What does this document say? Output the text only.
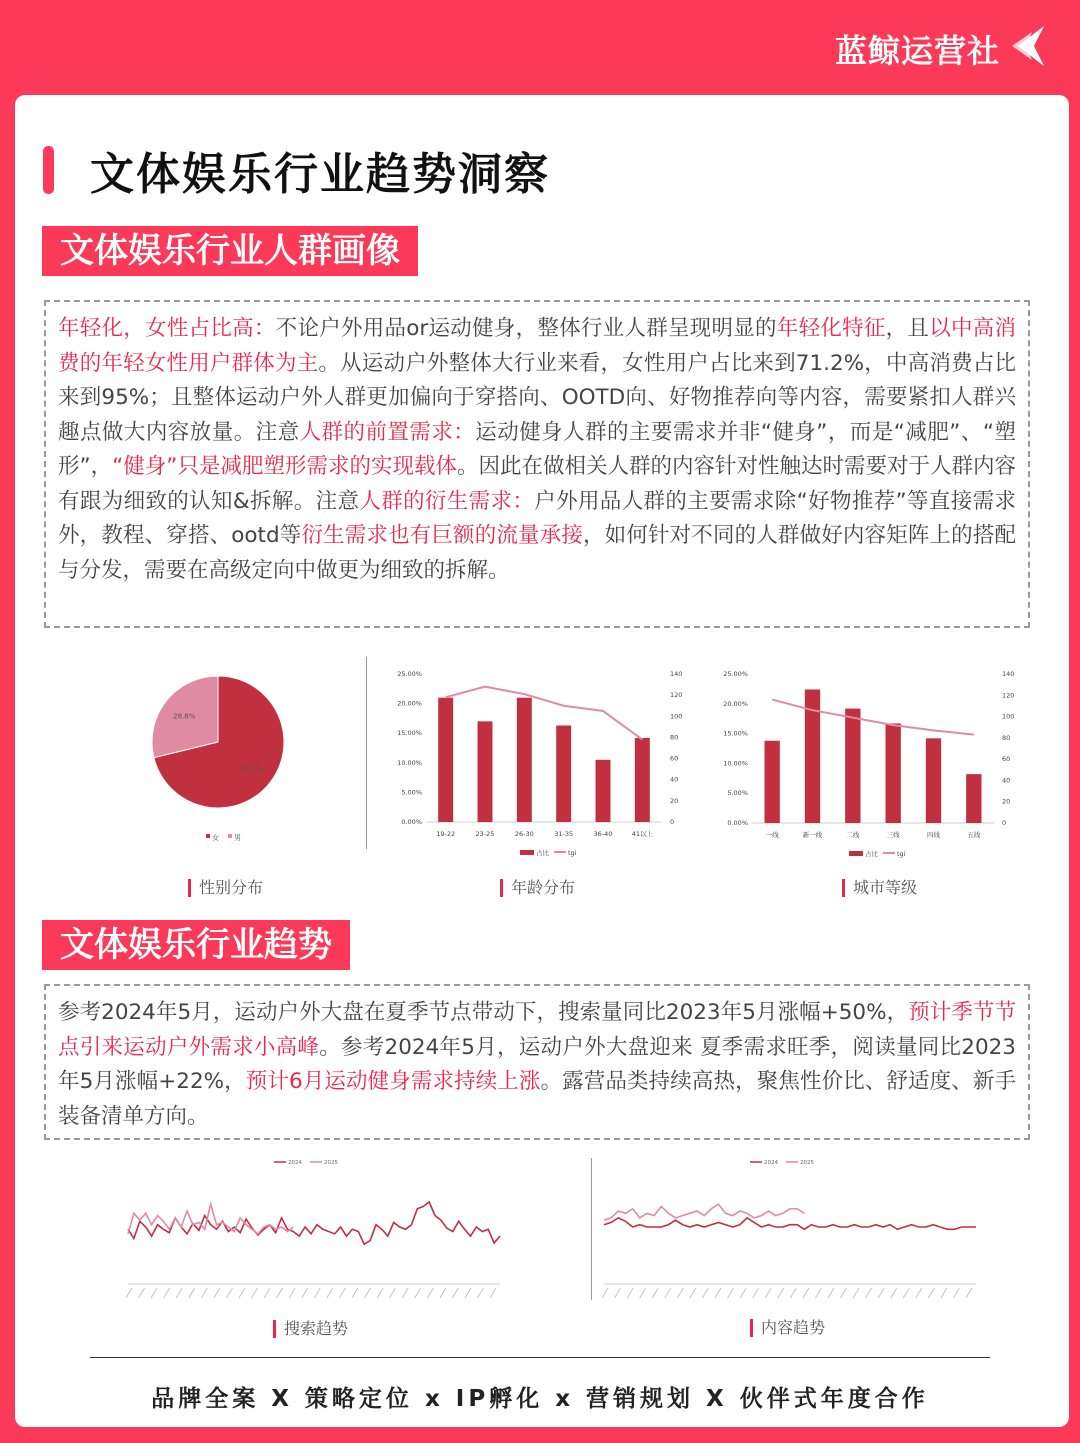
蓝鲸运营社
文体娱乐行业趋势洞察
文体娱乐行业人群画像
年轻化，女性占比高：不论户外用品or运动健身，整体行业人群呈现明显的年轻化特征，且以中高消费的年轻女性用户群体为主。从运动户外整体大行业来看，女性用户占比来到71.2%，中高消费占比来到95%；且整体运动户外人群更加偏向于穿搭向、OOTD向、好物推荐向等内容，需要紧扣人群兴趣点做大内容放量。注意人群的前置需求：运动健身人群的主要需求并非“健身”，而是“减肥”、“塑形”，“健身”只是减肥塑形需求的实现载体。因此在做相关人群的内容针对性触达时需要对于人群内容有跟为细致的认知&拆解。注意人群的衍生需求：户外用品人群的主要需求除“好物推荐”等直接需求外，教程、穿搭、ootd等衍生需求也有巨额的流量承接，如何针对不同的人群做好内容矩阵上的搭配与分发，需要在高级定向中做更为细致的拆解。
71.2%
28.8%
女 男
0.00%
5.00%
10.00%
15.00%
20.00%
25.00%
0
20
40
60
80
100
120
140
19-22	23-25	26-30	31-35	36-40	41以上
占比	tgi
0.00%
5.00%
10.00%
15.00%
20.00%
25.00%
0
20
40
60
80
100
120
140
一线	新一线	二线	三线	四线	五线
占比	tgi
性别分布	年龄分布	城市等级
文体娱乐行业趋势
参考2024年5月，运动户外大盘在夏季节点带动下，搜索量同比2023年5月涨幅+50%，预计季节节点引来运动户外需求小高峰。参考2024年5月，运动户外大盘迎来 夏季需求旺季，阅读量同比2023年5月涨幅+22%，预计6月运动健身需求持续上涨。露营品类持续高热，聚焦性价比、舒适度、新手装备清单方向。
2024	2025	2024	2025
搜索趋势	内容趋势
品牌全案 X 策略定位 x IP孵化 x 营销规划 X 伙伴式年度合作
